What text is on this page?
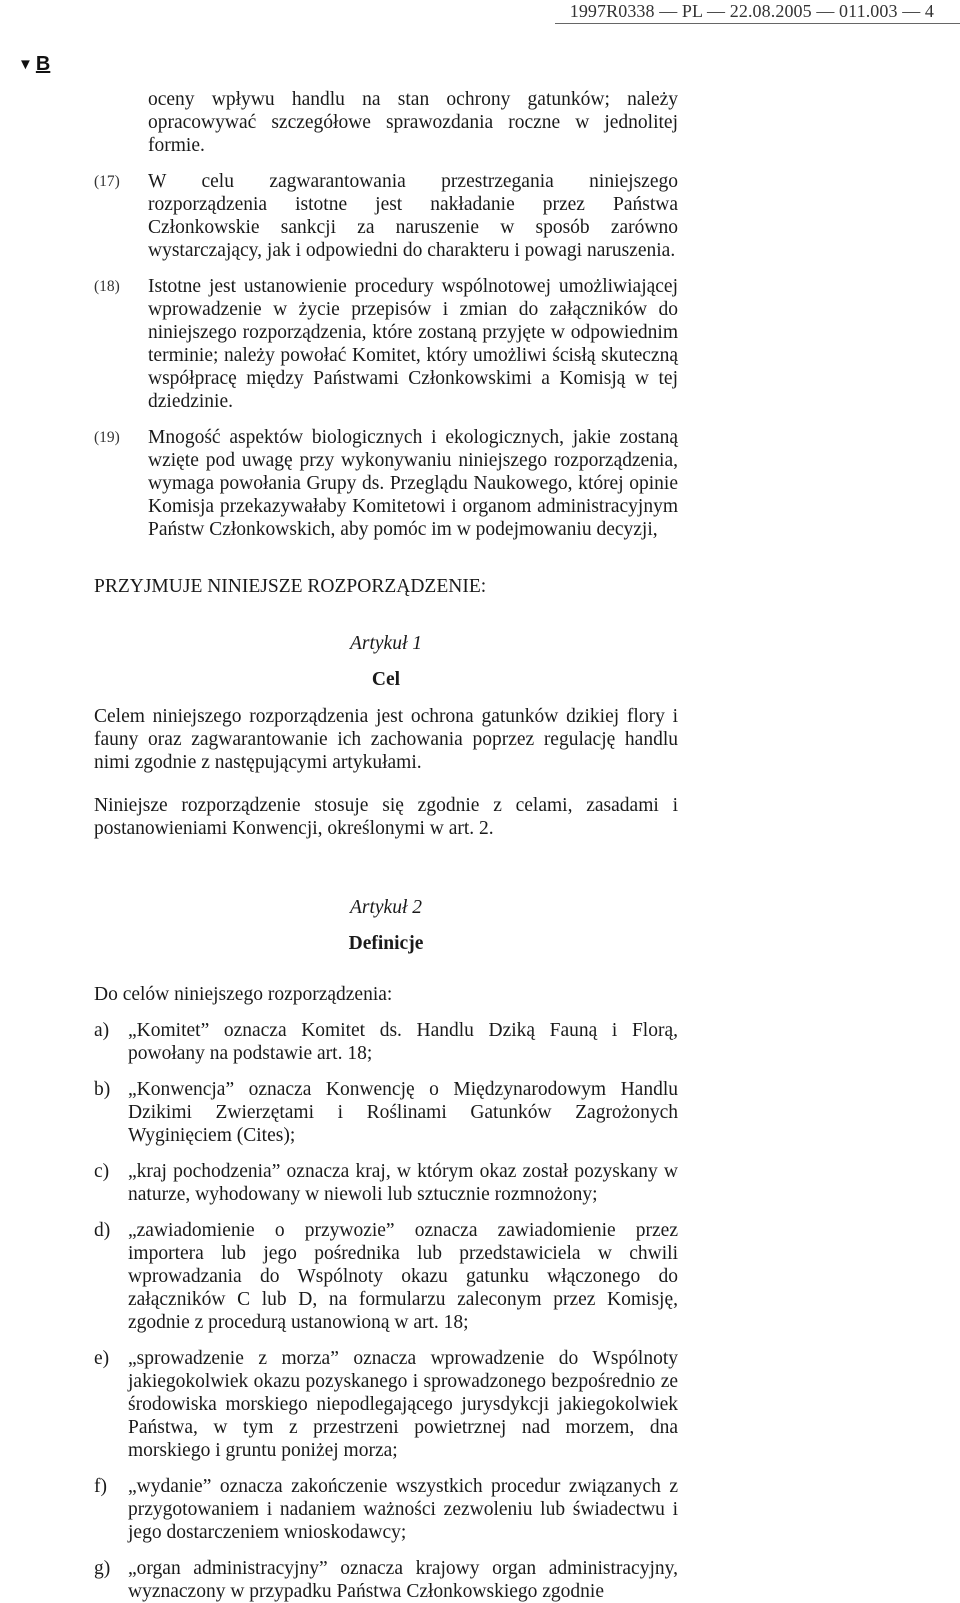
1997R0338 — PL — 22.08.2005 — 011.003 — 4
▼ B

oceny wpływu handlu na stan ochrony gatunków; należy opracowywać szczegółowe sprawozdania roczne w jednolitej formie.

(17) W celu zagwarantowania przestrzegania niniejszego rozporządzenia istotne jest nakładanie przez Państwa Członkowskie sankcji za naruszenie w sposób zarówno wystarczający, jak i odpowiedni do charakteru i powagi naruszenia.
(18) Istotne jest ustanowienie procedury wspólnotowej umożliwiającej wprowadzenie w życie przepisów i zmian do załączników do niniejszego rozporządzenia, które zostaną przyjęte w odpowiednim terminie; należy powołać Komitet, który umożliwi ścisłą skuteczną współpracę między Państwami Członkowskimi a Komisją w tej dziedzinie.
(19) Mnogość aspektów biologicznych i ekologicznych, jakie zostaną wzięte pod uwagę przy wykonywaniu niniejszego rozporządzenia, wymaga powołania Grupy ds. Przeglądu Naukowego, której opinie Komisja przekazywałaby Komitetowi i organom administracyjnym Państw Członkowskich, aby pomóc im w podejmowaniu decyzji,

PRZYJMUJE NINIEJSZE ROZPORZĄDZENIE:

Artykuł 1
Cel

Celem niniejszego rozporządzenia jest ochrona gatunków dzikiej flory i fauny oraz zagwarantowanie ich zachowania poprzez regulację handlu nimi zgodnie z następującymi artykułami.

Niniejsze rozporządzenie stosuje się zgodnie z celami, zasadami i postanowieniami Konwencji, określonymi w art. 2.

Artykuł 2
Definicje

Do celów niniejszego rozporządzenia:

a) „Komitet” oznacza Komitet ds. Handlu Dziką Fauną i Florą, powołany na podstawie art. 18;
b) „Konwencja” oznacza Konwencję o Międzynarodowym Handlu Dzikimi Zwierzętami i Roślinami Gatunków Zagrożonych Wyginięciem (Cites);
c) „kraj pochodzenia” oznacza kraj, w którym okaz został pozyskany w naturze, wyhodowany w niewoli lub sztucznie rozmnożony;
d) „zawiadomienie o przywozie” oznacza zawiadomienie przez importera lub jego pośrednika lub przedstawiciela w chwili wprowadzania do Wspólnoty okazu gatunku włączonego do załączników C lub D, na formularzu zaleconym przez Komisję, zgodnie z procedurą ustanowioną w art. 18;
e) „sprowadzenie z morza” oznacza wprowadzenie do Wspólnoty jakiegokolwiek okazu pozyskanego i sprowadzonego bezpośrednio ze środowiska morskiego niepodlegającego jurysdykcji jakiegokolwiek Państwa, w tym z przestrzeni powietrznej nad morzem, dna morskiego i gruntu poniżej morza;
f) „wydanie” oznacza zakończenie wszystkich procedur związanych z przygotowaniem i nadaniem ważności zezwoleniu lub świadectwu i jego dostarczeniem wnioskodawcy;
g) „organ administracyjny” oznacza krajowy organ administracyjny, wyznaczony w przypadku Państwa Członkowskiego zgodnie
